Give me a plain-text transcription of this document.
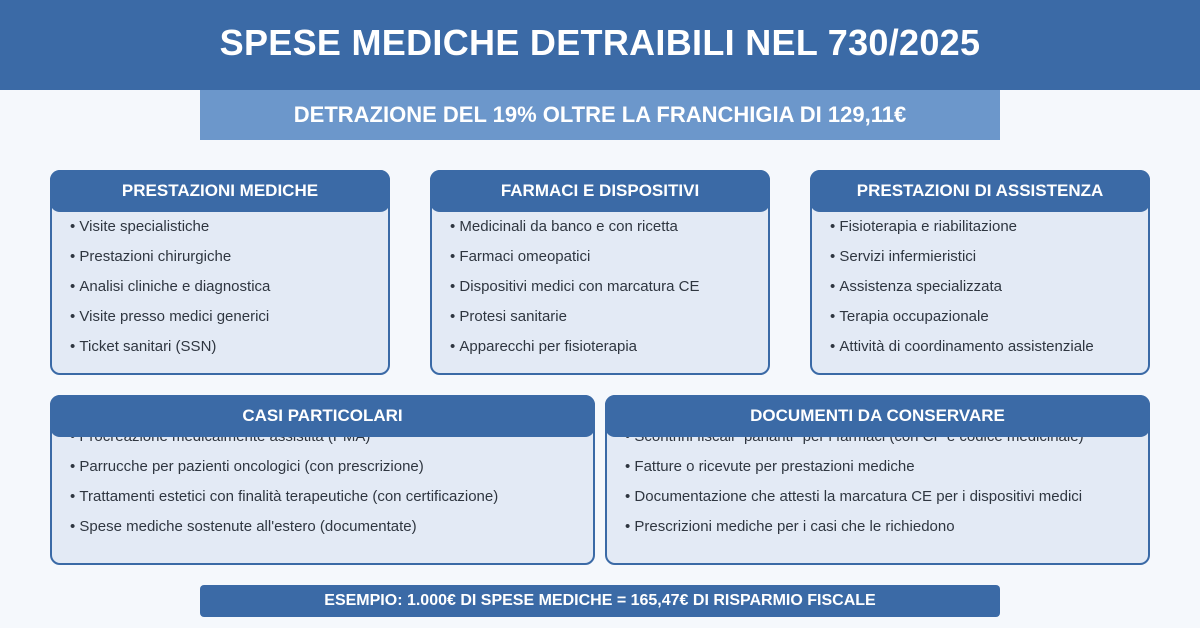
SPESE MEDICHE DETRAIBILI NEL 730/2025
DETRAZIONE DEL 19% OLTRE LA FRANCHIGIA DI 129,11€
PRESTAZIONI MEDICHE
• Visite specialistiche
• Prestazioni chirurgiche
• Analisi cliniche e diagnostica
• Visite presso medici generici
• Ticket sanitari (SSN)
FARMACI E DISPOSITIVI
• Medicinali da banco e con ricetta
• Farmaci omeopatici
• Dispositivi medici con marcatura CE
• Protesi sanitarie
• Apparecchi per fisioterapia
PRESTAZIONI DI ASSISTENZA
• Fisioterapia e riabilitazione
• Servizi infermieristici
• Assistenza specializzata
• Terapia occupazionale
• Attività di coordinamento assistenziale
CASI PARTICOLARI
•
• Parrucche per pazienti oncologici (con prescrizione)
• Trattamenti estetici con finalità terapeutiche (con certificazione)
• Spese mediche sostenute all'estero (documentate)
DOCUMENTI DA CONSERVARE
•
• Fatture o ricevute per prestazioni mediche
• Documentazione che attesti la marcatura CE per i dispositivi medici
• Prescrizioni mediche per i casi che le richiedono
ESEMPIO: 1.000€ DI SPESE MEDICHE = 165,47€ DI RISPARMIO FISCALE
